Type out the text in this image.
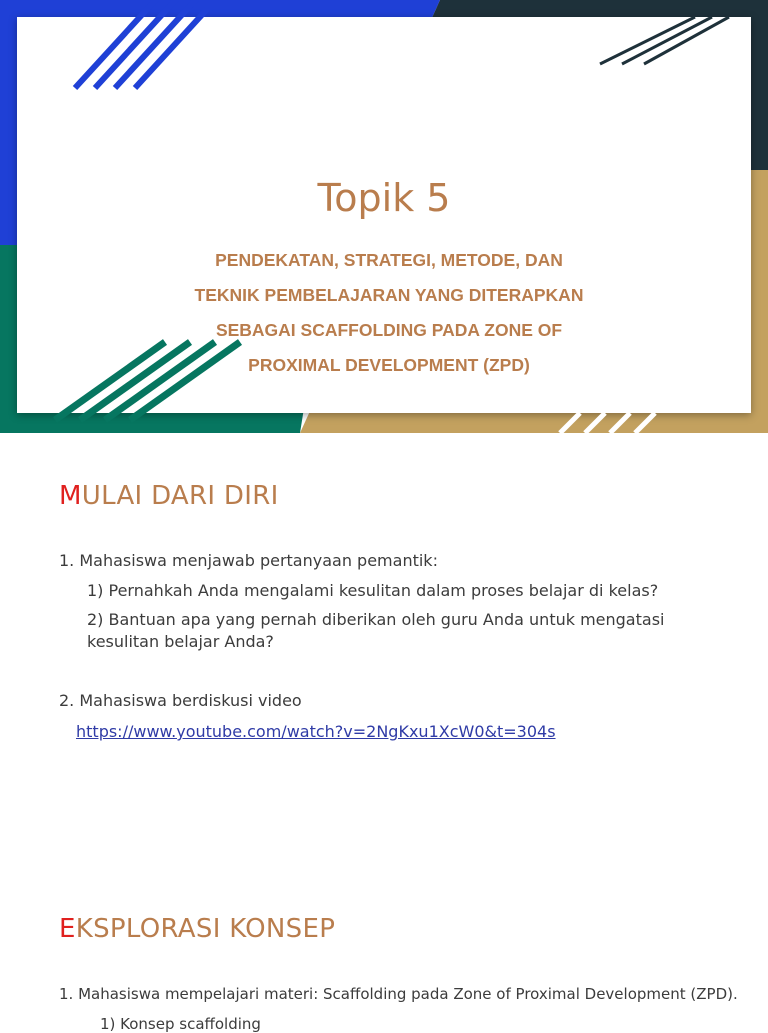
Topik 5
PENDEKATAN, STRATEGI, METODE, DAN
TEKNIK PEMBELAJARAN YANG DITERAPKAN
SEBAGAI SCAFFOLDING PADA ZONE OF
PROXIMAL DEVELOPMENT (ZPD)
MULAI DARI DIRI
1. Mahasiswa menjawab pertanyaan pemantik:
1) Pernahkah Anda mengalami kesulitan dalam proses belajar di kelas?
2) Bantuan apa yang pernah diberikan oleh guru Anda untuk mengatasi
kesulitan belajar Anda?
2. Mahasiswa berdiskusi video
https://www.youtube.com/watch?v=2NgKxu1XcW0&t=304s
EKSPLORASI KONSEP
1. Mahasiswa mempelajari materi: Scaffolding pada Zone of Proximal Development (ZPD).
1) Konsep scaffolding
